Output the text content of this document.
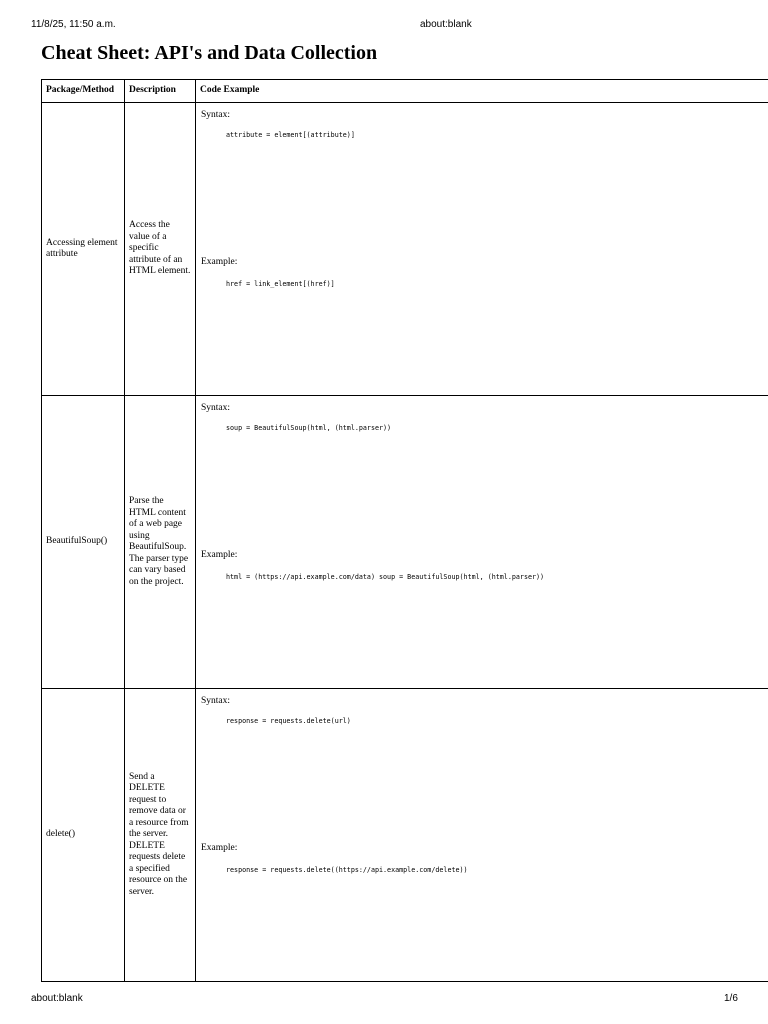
11/8/25, 11:50 a.m.	about:blank
Cheat Sheet: API's and Data Collection
Package/Method	Description	Code Example
Accessing element attribute	Access the value of a specific attribute of an HTML element.	Syntax:
attribute = element[(attribute)]
Example:
href = link_element[(href)]

BeautifulSoup()	Parse the HTML content of a web page using BeautifulSoup. The parser type can vary based on the project.	Syntax:
soup = BeautifulSoup(html, (html.parser))
Example:
html = (https://api.example.com/data) soup = BeautifulSoup(html, (html.parser))

delete()	Send a DELETE request to remove data or a resource from the server. DELETE requests delete a specified resource on the server.	Syntax:
response = requests.delete(url)
Example:
response = requests.delete((https://api.example.com/delete))
about:blank	1/6
